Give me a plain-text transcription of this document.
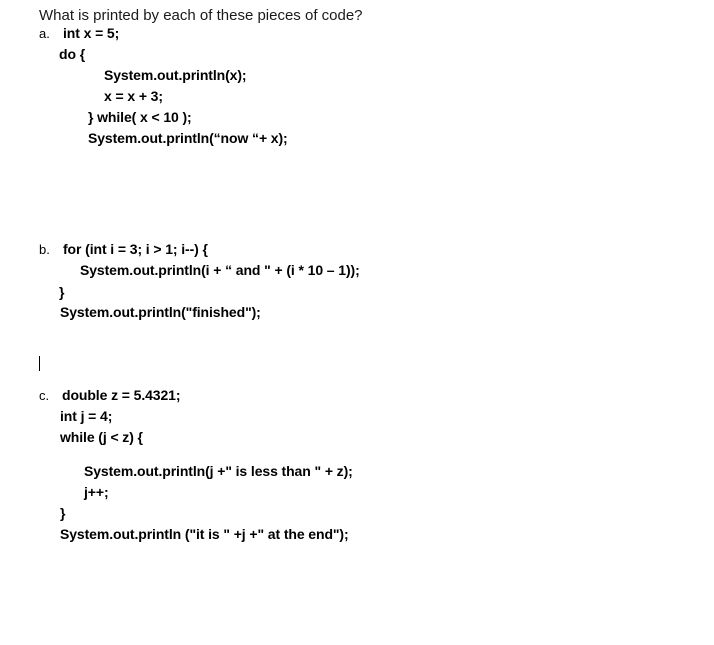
What is printed by each of these pieces of code?
a. int x = 5;
do {
System.out.println(x);
x = x + 3;
} while( x < 10 );
System.out.println(“now “+ x);
b. for (int i = 3; i > 1; i--) {
System.out.println(i + “ and " + (i * 10 – 1));
}
System.out.println("finished");
c. double z = 5.4321;
int j = 4;
while (j < z) {
System.out.println(j +" is less than " + z);
j++;
}
System.out.println ("it is " +j +" at the end");
